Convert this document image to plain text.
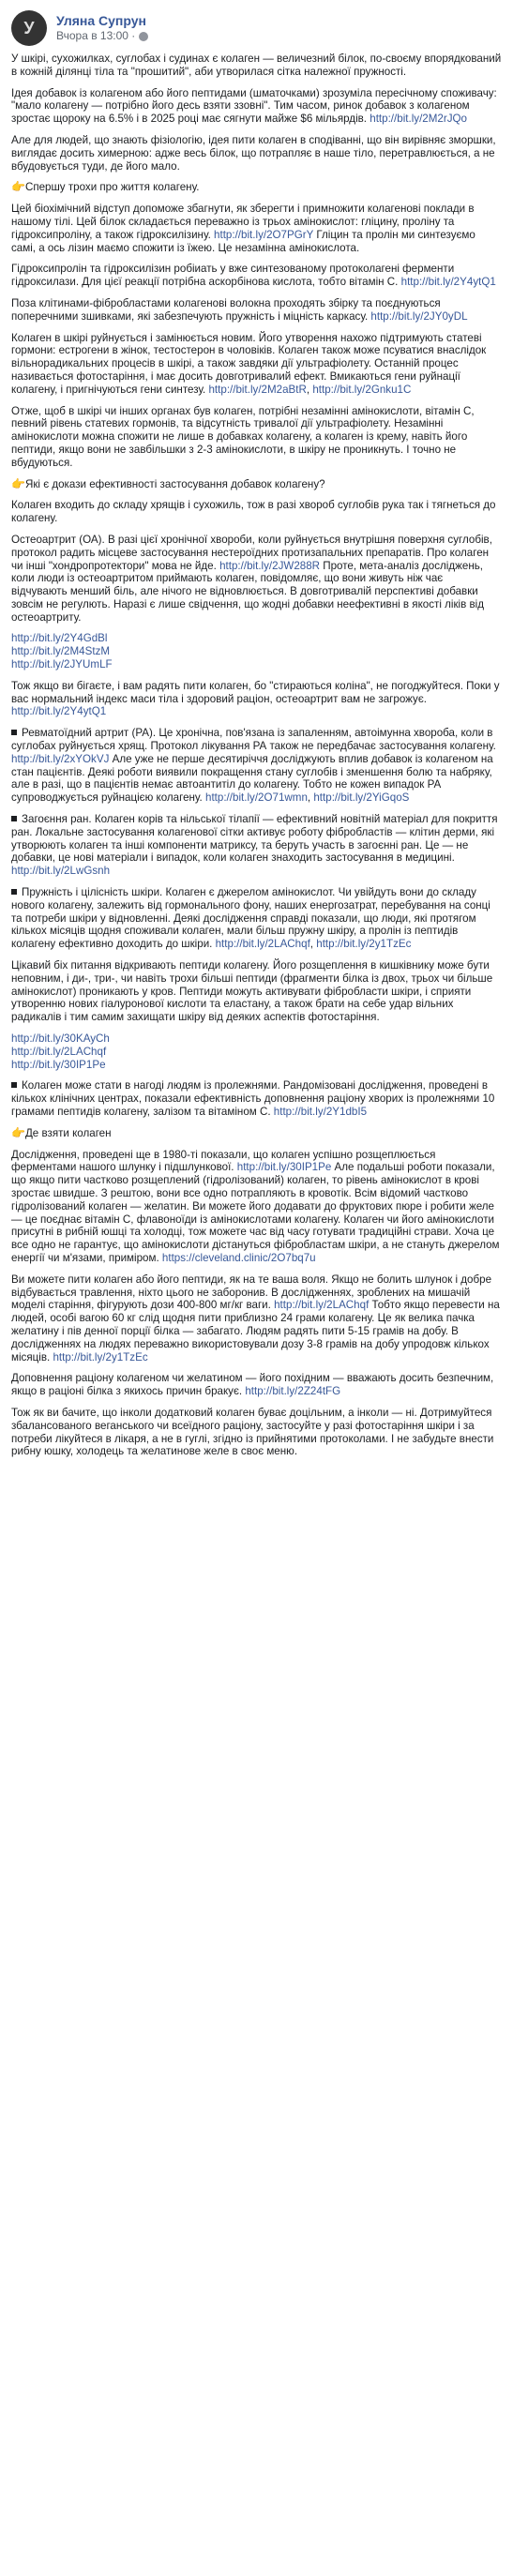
У	Уляна Супрун
Вчора в 13:00 ·

У шкірі, сухожилках, суглобах і судинах є колаген — величезний білок, по-своєму впорядкований в кожній ділянці тіла та "прошитий", аби утворилася сітка належної пружності.

Ідея добавок із колагеном або його пептидами (шматочками) зрозуміла пересічному споживачу: "мало колагену — потрібно його десь взяти ззовні". Тим часом, ринок добавок з колагеном зростає щороку на 6.5% і в 2025 році має сягнути майже $6 мільярдів. http://bit.ly/2M2rJQo

Але для людей, що знають фізіологію, ідея пити колаген в сподіванні, що він вирівняє зморшки, виглядає досить химерною: адже весь білок, що потрапляє в наше тіло, перетравлюється, а не вбудовується туди, де його мало.

👉Спершу трохи про життя колагену.

Цей біохімічний відступ допоможе збагнути, як зберегти і примножити колагенові поклади в нашому тілі. Цей білок складається переважно із трьох амінокислот: гліцину, проліну та гідроксипроліну, а також гідроксилізину. http://bit.ly/2O7PGrY Гліцин та пролін ми синтезуємо самі, а ось лізин маємо спожити із їжею. Це незамінна амінокислота.

Гідроксипролін та гідроксилізин робіиать у вже синтезованому протоколагені ферменти гідроксилази. Для цієї реакції потрібна аскорбінова кислота, тобто вітамін С. http://bit.ly/2Y4ytQ1

Поза клітинами-фібробластами колагенові волокна проходять збірку та поєднуються поперечними зшивками, які забезпечують пружність і міцність каркасу. http://bit.ly/2JY0yDL

Колаген в шкірі руйнується і замінюється новим. Його утворення нахожо підтримують статеві гормони: естрогени в жінок, тестостерон в чоловіків. Колаген також може псуватися внаслідок вільнорадикальних процесів в шкірі, а також завдяки дії ультрафіолету. Останній процес називається фотостаріння, і має досить довготривалий ефект. Вмикаються гени руйнації колагену, і пригнічуються гени синтезу. http://bit.ly/2M2aBtR, http://bit.ly/2Gnku1C

Отже, щоб в шкірі чи інших органах був колаген, потрібні незамінні амінокислоти, вітамін С, певний рівень статевих гормонів, та відсутність тривалої дії ультрафіолету. Незамінні амінокислоти можна спожити не лише в добавках колагену, а колаген із крему, навіть його пептиди, якщо вони не завбільшки з 2-3 амінокислоти, в шкіру не проникнуть. І точно не вбудуються.

👉Які є докази ефективності застосування добавок колагену?

Колаген входить до складу хрящів і сухожиль, тож в разі хвороб суглобів рука так і тягнеться до колагену.

Остеоартрит (ОА). В разі цієї хронічної хвороби, коли руйнується внутрішня поверхня суглобів, протокол радить місцеве застосування нестероїдних протизапальних препаратів. Про колаген чи інші "хондропротектори" мова не йде. http://bit.ly/2JW288R Проте, мета-аналіз досліджень, коли люди із остеоартритом приймають колаген, повідомляє, що вони живуть ніж чає відчувають менший біль, але нічого не відновлюється. В довготривалій перспективі добавки зовсім не регулють. Наразі є лише свідчення, що жодні добавки неефективні в якості ліків від остеоартриту.

http://bit.ly/2Y4GdBl
http://bit.ly/2M4StzM
http://bit.ly/2JYUmLF

Тож якщо ви бігаєте, і вам радять пити колаген, бо "стираються коліна", не погоджуйтеся. Поки у вас нормальний індекс маси тіла і здоровий раціон, остеоартрит вам не загрожує. http://bit.ly/2Y4ytQ1

Ревматоїдний артрит (РА). Це хронічна, пов'язана із запаленням, автоімунна хвороба, коли в суглобах руйнується хрящ. Протокол лікування РА також не передбачає застосування колагену. http://bit.ly/2xYOkVJ Але уже не перше десятиріччя досліджують вплив добавок із колагеном на стан пацієнтів. Деякі роботи виявили покращення стану суглобів і зменшення болю та набряку, але в разі, що в пацієнтів немає автоантитіл до колагену. Тобто не кожен випадок РА супроводжується руйнацією колагену. http://bit.ly/2O71wmn, http://bit.ly/2YiGqoS

Загоєння ран. Колаген корів та нільської тілапії — ефективний новітній матеріал для покриття ран. Локальне застосування колагенової сітки активує роботу фібробластів — клітин дерми, які утворюють колаген та інші компоненти матриксу, та беруть участь в загоєнні ран. Це — не добавки, це нові матеріали і випадок, коли колаген знаходить застосування в медицині. http://bit.ly/2LwGsnh

Пружність і цілісність шкіри. Колаген є джерелом амінокислот. Чи увійдуть вони до складу нового колагену, залежить від гормонального фону, наших енергозатрат, перебування на сонці та потреби шкіри у відновленні. Деякі дослідження справді показали, що люди, які протягом кількох місяців щодня споживали колаген, мали більш пружну шкіру, а пролін із пептидів колагену ефективно доходить до шкіри. http://bit.ly/2LAChqf, http://bit.ly/2y1TzEc

Цікавий біх питання відкривають пептиди колагену. Його розщеплення в кишківнику може бути неповним, і ди-, три-, чи навіть трохи більші пептиди (фрагменти білка із двох, трьох чи більше амінокислот) проникають у кров. Пептиди можуть активувати фібробласти шкіри, і сприяти утворенню нових гіалуронової кислоти та еластану, а також брати на себе удар вільних радикалів і тим самим захищати шкіру від деяких аспектів фотостаріння.

http://bit.ly/30KAyCh
http://bit.ly/2LAChqf
http://bit.ly/30IP1Pe

Колаген може стати в нагоді людям із пролежнями. Рандомізовані дослідження, проведені в кількох клінічних центрах, показали ефективність доповнення раціону хворих із пролежнями 10 грамами пептидів колагену, залізом та вітаміном С. http://bit.ly/2Y1dbI5

👉Де взяти колаген

Дослідження, проведені ще в 1980-ті показали, що колаген успішно розщеплюється ферментами нашого шлунку і підшлункової. http://bit.ly/30IP1Pe Але подальші роботи показали, що якщо пити частково розщеплений (гідролізований) колаген, то рівень амінокислот в крові зростає швидше. З рештою, вони все одно потрапляють в кровотік. Всім відомий частково гідролізований колаген — желатин. Ви можете його додавати до фруктових пюре і робити желе — це поєднає вітамін С, флавоноїди із амінокислотами колагену. Колаген чи його амінокислоти присутні в рибній юшці та холодці, тож можете час від часу готувати традиційні страви. Хоча це все одно не гарантує, що амінокислоти дістануться фібробластам шкіри, а не стануть джерелом енергії чи м'язами, приміром. https://cleveland.clinic/2O7bq7u

Ви можете пити колаген або його пептиди, як на те ваша воля. Якщо не болить шлунок і добре відбувається травлення, ніхто цього не заборонив. В дослідженнях, зроблених на мишачій моделі старіння, фігурують дози 400-800 мг/кг ваги. http://bit.ly/2LAChqf Тобто якщо перевести на людей, особі вагою 60 кг слід щодня пити приблизно 24 грами колагену. Це як велика пачка желатину і пів денної порції білка — забагато. Людям радять пити 5-15 грамів на добу. В дослідженнях на людях переважно використовували дозу 3-8 грамів на добу упродовж кількох місяців. http://bit.ly/2y1TzEc

Доповнення раціону колагеном чи желатином — його похідним — вважають досить безпечним, якщо в раціоні білка з якихось причин бракує. http://bit.ly/2Z24tFG

Тож як ви бачите, що інколи додатковий колаген буває доцільним, а інколи — ні. Дотримуйтеся збалансованого веганського чи всеїдного раціону, застосуйте у разі фотостаріння шкіри і за потреби лікуйтеся в лікаря, а не в гуглі, згідно із прийнятими протоколами. І не забудьте внести рибну юшку, холодець та желатинове желе в своє меню.
